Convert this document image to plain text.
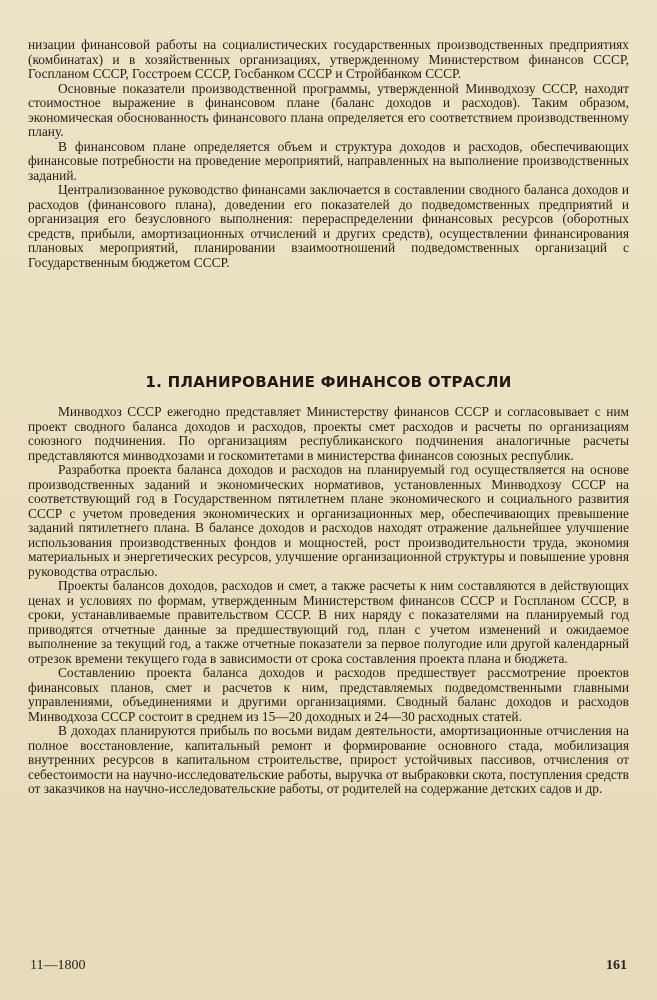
низации финансовой работы на социалистических государственных производственных предприятиях (комбинатах) и в хозяйственных организациях, утвержденному Министерством финансов СССР, Госпланом СССР, Госстроем СССР, Госбанком СССР и Стройбанком СССР.

Основные показатели производственной программы, утвержденной Минводхозу СССР, находят стоимостное выражение в финансовом плане (баланс доходов и расходов). Таким образом, экономическая обоснованность финансового плана определяется его соответствием производственному плану.

В финансовом плане определяется объем и структура доходов и расходов, обеспечивающих финансовые потребности на проведение мероприятий, направленных на выполнение производственных заданий.

Централизованное руководство финансами заключается в составлении сводного баланса доходов и расходов (финансового плана), доведении его показателей до подведомственных предприятий и организация его безусловного выполнения: перераспределении финансовых ресурсов (оборотных средств, прибыли, амортизационных отчислений и других средств), осуществлении финансирования плановых мероприятий, планировании взаимоотношений подведомственных организаций с Государственным бюджетом СССР.

1. ПЛАНИРОВАНИЕ ФИНАНСОВ ОТРАСЛИ

Минводхоз СССР ежегодно представляет Министерству финансов СССР и согласовывает с ним проект сводного баланса доходов и расходов, проекты смет расходов и расчеты по организациям союзного подчинения. По организациям республиканского подчинения аналогичные расчеты представляются минводхозами и госкомитетами в министерства финансов союзных республик.

Разработка проекта баланса доходов и расходов на планируемый год осуществляется на основе производственных заданий и экономических нормативов, установленных Минводхозу СССР на соответствующий год в Государственном пятилетнем плане экономического и социального развития СССР с учетом проведения экономических и организационных мер, обеспечивающих превышение заданий пятилетнего плана. В балансе доходов и расходов находят отражение дальнейшее улучшение использования производственных фондов и мощностей, рост производительности труда, экономия материальных и энергетических ресурсов, улучшение организационной структуры и повышение уровня руководства отраслью.

Проекты балансов доходов, расходов и смет, а также расчеты к ним составляются в действующих ценах и условиях по формам, утвержденным Министерством финансов СССР и Госпланом СССР, в сроки, устанавливаемые правительством СССР. В них наряду с показателями на планируемый год приводятся отчетные данные за предшествующий год, план с учетом изменений и ожидаемое выполнение за текущий год, а также отчетные показатели за первое полугодие или другой календарный отрезок времени текущего года в зависимости от срока составления проекта плана и бюджета.

Составлению проекта баланса доходов и расходов предшествует рассмотрение проектов финансовых планов, смет и расчетов к ним, представляемых подведомственными главными управлениями, объединениями и другими организациями. Сводный баланс доходов и расходов Минводхоза СССР состоит в среднем из 15—20 доходных и 24—30 расходных статей.

В доходах планируются прибыль по восьми видам деятельности, амортизационные отчисления на полное восстановление, капитальный ремонт и формирование основного стада, мобилизация внутренних ресурсов в капитальном строительстве, прирост устойчивых пассивов, отчисления от себестоимости на научно-исследовательские работы, выручка от выбраковки скота, поступления средств от заказчиков на научно-исследовательские работы, от родителей на содержание детских садов и др.

11—1800	161
